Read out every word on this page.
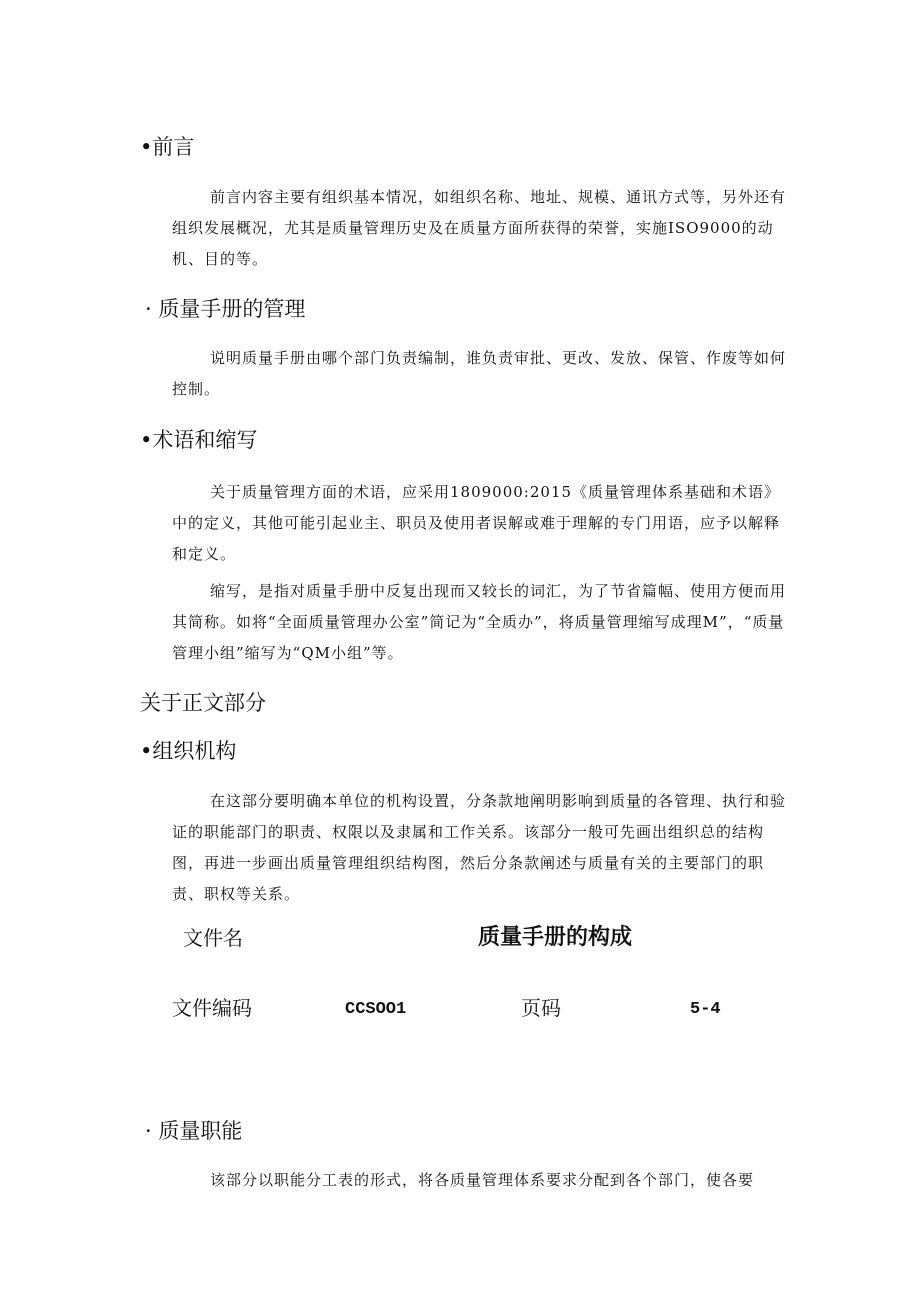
•前言

前言内容主要有组织基本情况，如组织名称、地址、规模、通讯方式等，另外还有组织发展概况，尤其是质量管理历史及在质量方面所获得的荣誉，实施ISO9000的动机、目的等。

· 质量手册的管理

说明质量手册由哪个部门负责编制，谁负责审批、更改、发放、保管、作废等如何控制。

•术语和缩写

关于质量管理方面的术语，应采用1809000:2015《质量管理体系基础和术语》中的定义，其他可能引起业主、职员及使用者误解或难于理解的专门用语，应予以解释和定义。

缩写，是指对质量手册中反复出现而又较长的词汇，为了节省篇幅、使用方便而用其简称。如将“全面质量管理办公室”简记为“全质办”，将质量管理缩写成理M”，“质量管理小组”缩写为“QM小组”等。

关于正文部分
•组织机构

在这部分要明确本单位的机构设置，分条款地阐明影响到质量的各管理、执行和验证的职能部门的职责、权限以及隶属和工作关系。该部分一般可先画出组织总的结构图，再进一步画出质量管理组织结构图，然后分条款阐述与质量有关的主要部门的职责、职权等关系。

文件名	质量手册的构成
文件编码	CCSOO1	页码	5-4
· 质量职能

该部分以职能分工表的形式，将各质量管理体系要求分配到各个部门，使各要
